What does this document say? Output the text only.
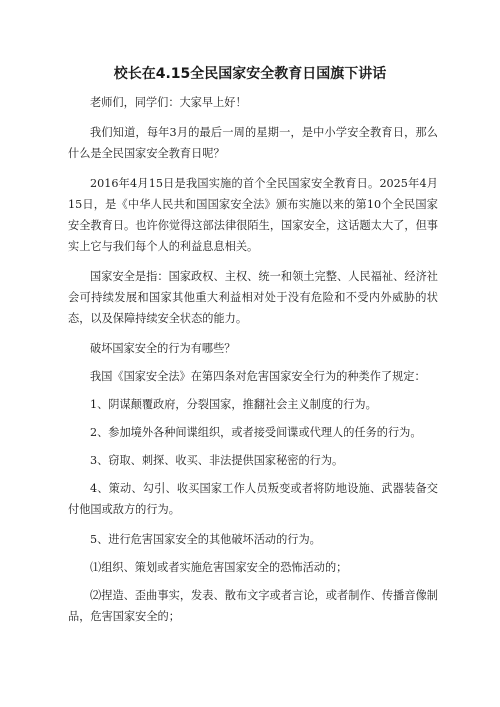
校长在4.15全民国家安全教育日国旗下讲话

老师们，同学们：大家早上好！

我们知道，每年3月的最后一周的星期一，是中小学安全教育日，那么什么是全民国家安全教育日呢？

2016年4月15日是我国实施的首个全民国家安全教育日。2025年4月15日，是《中华人民共和国国家安全法》颁布实施以来的第10个全民国家安全教育日。也许你觉得这部法律很陌生，国家安全，这话题太大了，但事实上它与我们每个人的利益息息相关。

国家安全是指：国家政权、主权、统一和领土完整、人民福祉、经济社会可持续发展和国家其他重大利益相对处于没有危险和不受内外威胁的状态，以及保障持续安全状态的能力。

破坏国家安全的行为有哪些？

我国《国家安全法》在第四条对危害国家安全行为的种类作了规定：

1、阴谋颠覆政府，分裂国家，推翻社会主义制度的行为。

2、参加境外各种间谍组织，或者接受间谍或代理人的任务的行为。

3、窃取、刺探、收买、非法提供国家秘密的行为。

4、策动、勾引、收买国家工作人员叛变或者将防地设施、武器装备交付他国或敌方的行为。

5、进行危害国家安全的其他破坏活动的行为。

⑴组织、策划或者实施危害国家安全的恐怖活动的；

⑵捏造、歪曲事实，发表、散布文字或者言论，或者制作、传播音像制品，危害国家安全的；
